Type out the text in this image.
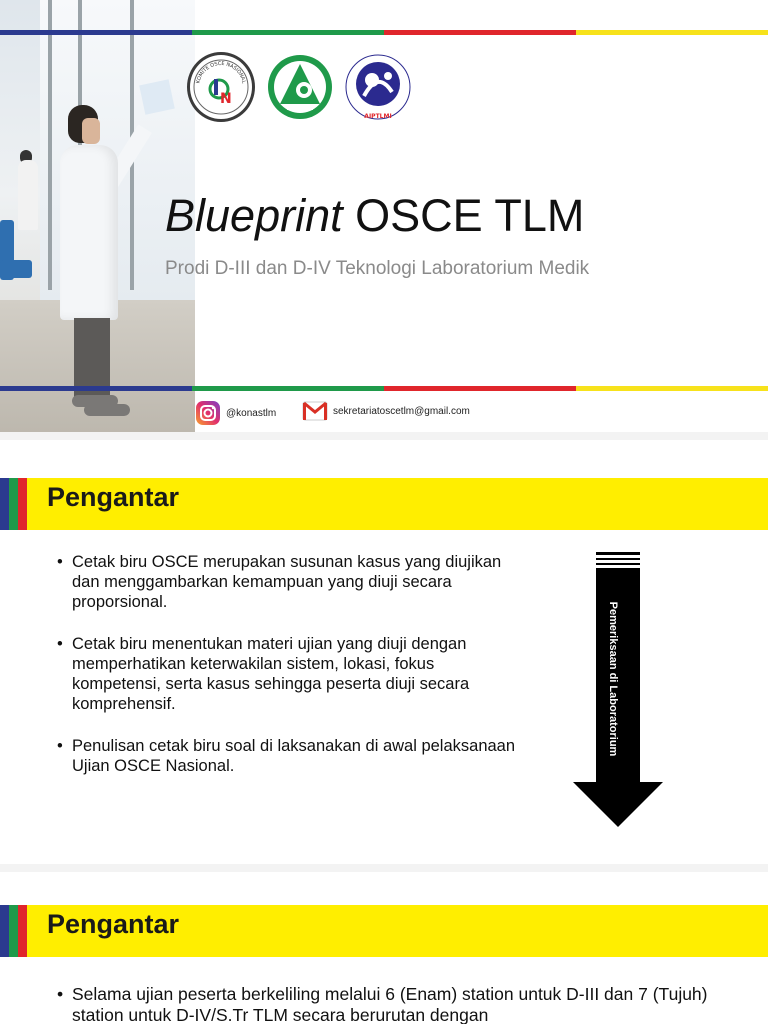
KOMITE OSCE NASIONAL
N
PATELKI
AIPTLMI
Blueprint OSCE TLM
Prodi D-III dan D-IV Teknologi Laboratorium Medik
@konastlm	sekretariatoscetlm@gmail.com
Pengantar
• Cetak biru OSCE merupakan susunan kasus yang diujikan dan menggambarkan kemampuan yang diuji secara proporsional.
• Cetak biru menentukan materi ujian yang diuji dengan memperhatikan keterwakilan sistem, lokasi, fokus kompetensi, serta kasus sehingga peserta diuji secara komprehensif.
• Penulisan cetak biru soal di laksanakan di awal pelaksanaan Ujian OSCE Nasional.
Pemeriksaan di Laboratorium
Pengantar
• Selama ujian peserta berkeliling melalui 6 (Enam) station untuk D-III dan 7 (Tujuh) station untuk D-IV/S.Tr TLM secara berurutan dengan
